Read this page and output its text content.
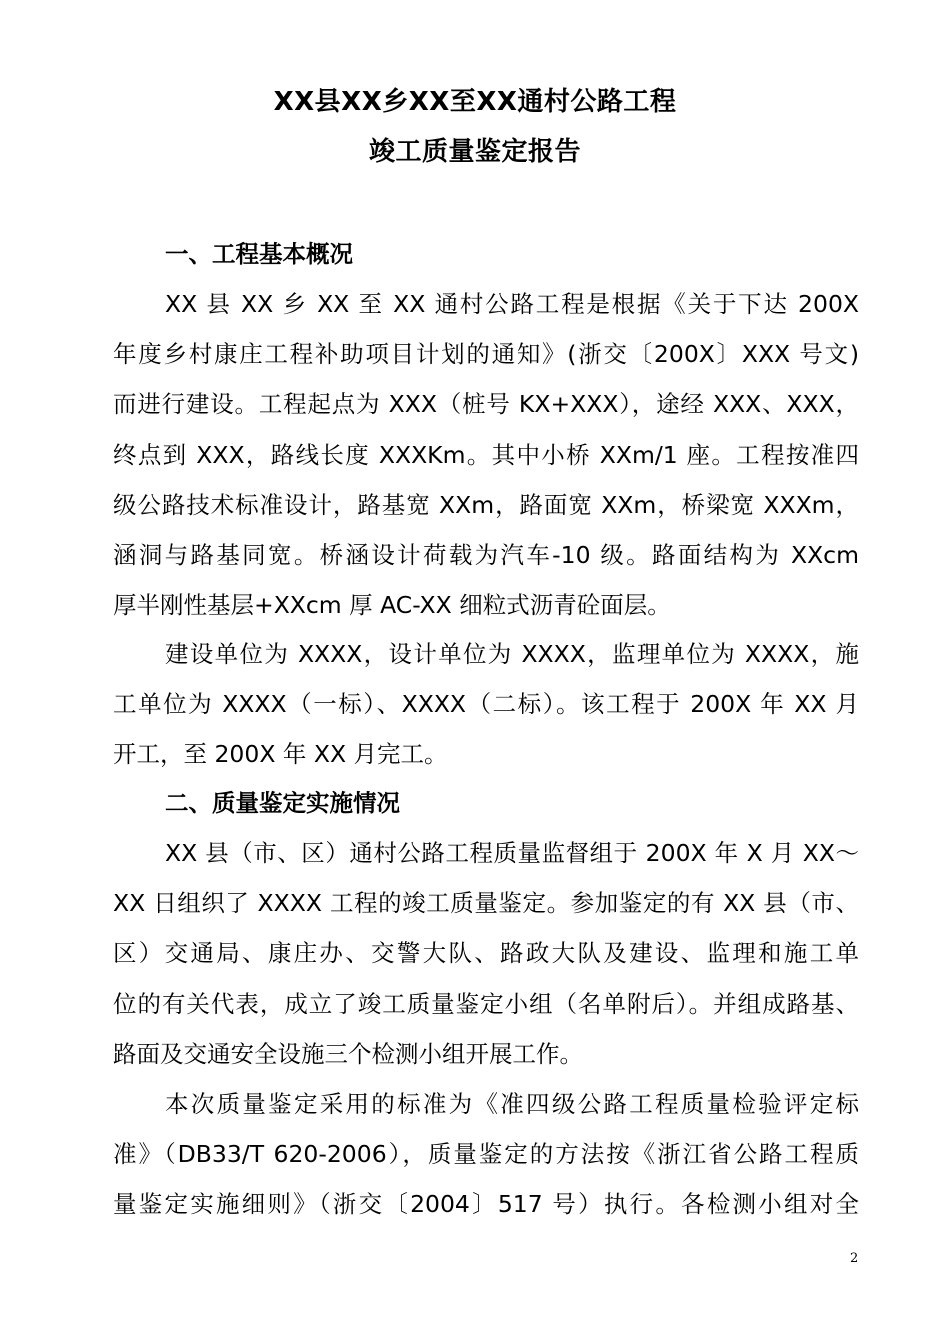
XX县XX乡XX至XX通村公路工程
竣工质量鉴定报告
一、工程基本概况
XX 县 XX 乡 XX 至 XX 通村公路工程是根据《关于下达 200X
年度乡村康庄工程补助项目计划的通知》(浙交〔200X〕XXX 号文)
而进行建设。工程起点为 XXX（桩号 KX+XXX），途经 XXX、XXX，
终点到 XXX，路线长度 XXXKm。其中小桥 XXm/1 座。工程按准四
级公路技术标准设计，路基宽 XXm，路面宽 XXm，桥梁宽 XXXm，
涵洞与路基同宽。桥涵设计荷载为汽车-10 级。路面结构为 XXcm
厚半刚性基层+XXcm 厚 AC-XX 细粒式沥青砼面层。
建设单位为 XXXX，设计单位为 XXXX，监理单位为 XXXX，施
工单位为 XXXX（一标）、XXXX（二标）。该工程于 200X 年 XX 月
开工，至 200X 年 XX 月完工。
二、质量鉴定实施情况
XX 县（市、区）通村公路工程质量监督组于 200X 年 X 月 XX～
XX 日组织了 XXXX 工程的竣工质量鉴定。参加鉴定的有 XX 县（市、
区）交通局、康庄办、交警大队、路政大队及建设、监理和施工单
位的有关代表，成立了竣工质量鉴定小组（名单附后）。并组成路基、
路面及交通安全设施三个检测小组开展工作。
本次质量鉴定采用的标准为《准四级公路工程质量检验评定标
准》（DB33/T 620-2006），质量鉴定的方法按《浙江省公路工程质
量鉴定实施细则》（浙交〔2004〕517 号）执行。各检测小组对全
2
